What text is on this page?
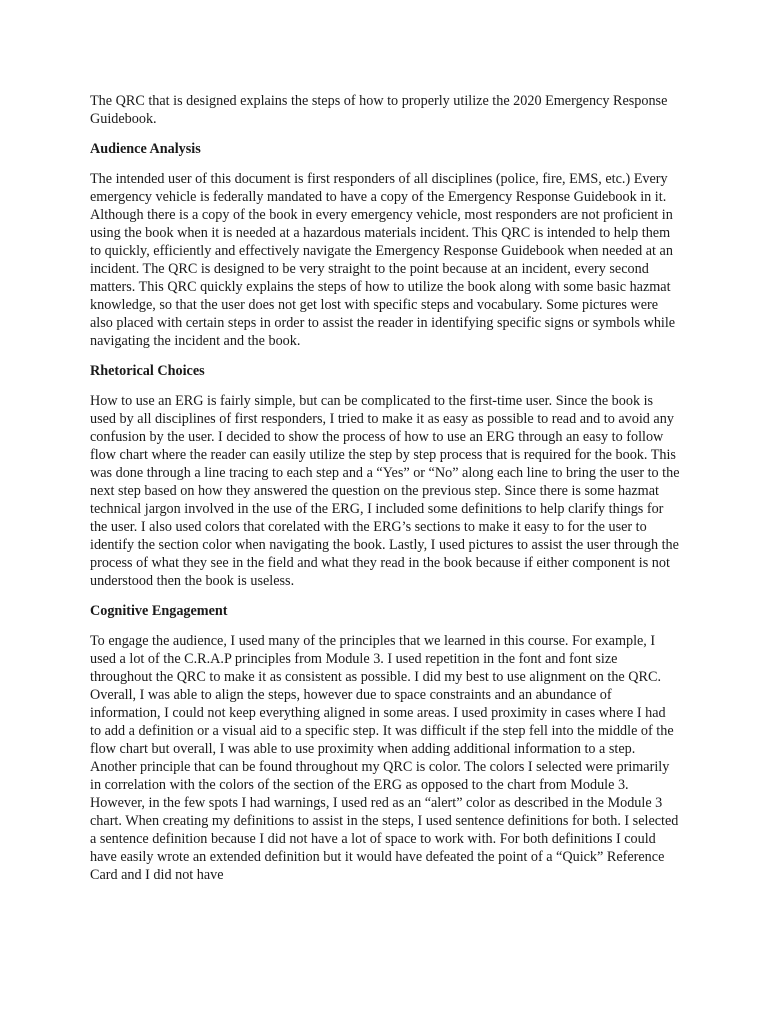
The QRC that is designed explains the steps of how to properly utilize the 2020 Emergency Response Guidebook.

Audience Analysis

The intended user of this document is first responders of all disciplines (police, fire, EMS, etc.) Every emergency vehicle is federally mandated to have a copy of the Emergency Response Guidebook in it. Although there is a copy of the book in every emergency vehicle, most responders are not proficient in using the book when it is needed at a hazardous materials incident. This QRC is intended to help them to quickly, efficiently and effectively navigate the Emergency Response Guidebook when needed at an incident. The QRC is designed to be very straight to the point because at an incident, every second matters. This QRC quickly explains the steps of how to utilize the book along with some basic hazmat knowledge, so that the user does not get lost with specific steps and vocabulary. Some pictures were also placed with certain steps in order to assist the reader in identifying specific signs or symbols while navigating the incident and the book.

Rhetorical Choices

How to use an ERG is fairly simple, but can be complicated to the first-time user. Since the book is used by all disciplines of first responders, I tried to make it as easy as possible to read and to avoid any confusion by the user. I decided to show the process of how to use an ERG through an easy to follow flow chart where the reader can easily utilize the step by step process that is required for the book. This was done through a line tracing to each step and a “Yes” or “No” along each line to bring the user to the next step based on how they answered the question on the previous step. Since there is some hazmat technical jargon involved in the use of the ERG, I included some definitions to help clarify things for the user. I also used colors that corelated with the ERG’s sections to make it easy to for the user to identify the section color when navigating the book. Lastly, I used pictures to assist the user through the process of what they see in the field and what they read in the book because if either component is not understood then the book is useless.

Cognitive Engagement

To engage the audience, I used many of the principles that we learned in this course. For example, I used a lot of the C.R.A.P principles from Module 3. I used repetition in the font and font size throughout the QRC to make it as consistent as possible. I did my best to use alignment on the QRC. Overall, I was able to align the steps, however due to space constraints and an abundance of information, I could not keep everything aligned in some areas. I used proximity in cases where I had to add a definition or a visual aid to a specific step. It was difficult if the step fell into the middle of the flow chart but overall, I was able to use proximity when adding additional information to a step. Another principle that can be found throughout my QRC is color. The colors I selected were primarily in correlation with the colors of the section of the ERG as opposed to the chart from Module 3. However, in the few spots I had warnings, I used red as an “alert” color as described in the Module 3 chart. When creating my definitions to assist in the steps, I used sentence definitions for both. I selected a sentence definition because I did not have a lot of space to work with. For both definitions I could have easily wrote an extended definition but it would have defeated the point of a “Quick” Reference Card and I did not have
